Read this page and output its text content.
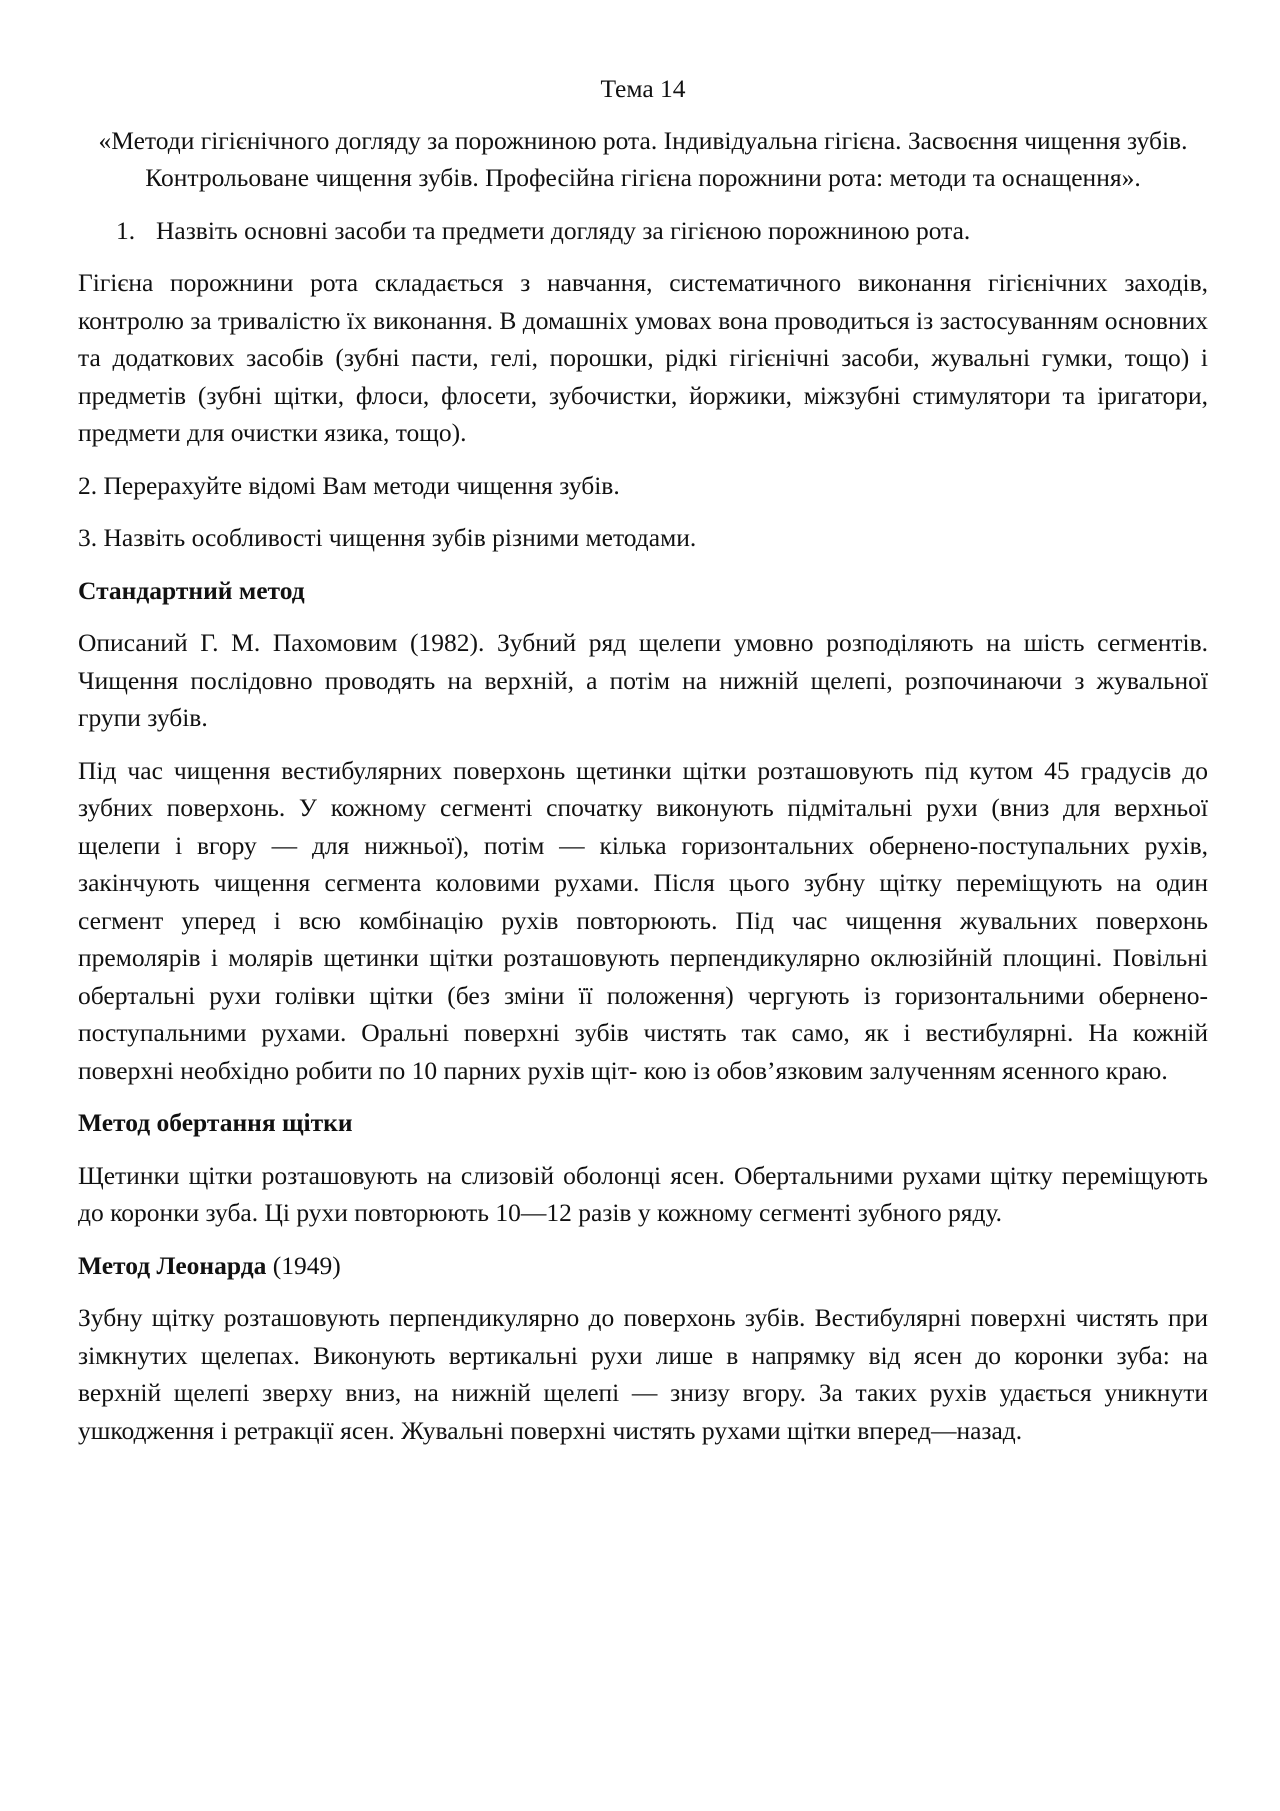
Тема 14

«Методи гігієнічного догляду за порожниною рота. Індивідуальна гігієна. Засвоєння чищення зубів. Контрольоване чищення зубів. Професійна гігієна порожнини рота: методи та оснащення».

1. Назвіть основні засоби та предмети догляду за гігієною порожниною рота.

Гігієна порожнини рота складається з навчання, систематичного виконання гігієнічних заходів, контролю за тривалістю їх виконання. В домашніх умовах вона проводиться із застосуванням основних та додаткових засобів (зубні пасти, гелі, порошки, рідкі гігієнічні засоби, жувальні гумки, тощо) і предметів (зубні щітки, флоси, флосети, зубочистки, йоржики, міжзубні стимулятори та іригатори, предмети для очистки язика, тощо).

2. Перерахуйте відомі Вам методи чищення зубів.

3. Назвіть особливості чищення зубів різними методами.

Стандартний метод

Описаний Г. М. Пахомовим (1982). Зубний ряд щелепи умовно розподіляють на шість сегментів. Чищення послідовно проводять на верхній, а потім на нижній щелепі, розпочинаючи з жувальної групи зубів.

Під час чищення вестибулярних поверхонь щетинки щітки розташовують під кутом 45 градусів до зубних поверхонь. У кожному сегменті спочатку виконують підмітальні рухи (вниз для верхньої щелепи і вгору — для нижньої), потім — кілька горизонтальних обернено-поступальних рухів, закінчують чищення сегмента коловими рухами. Після цього зубну щітку переміщують на один сегмент уперед і всю комбінацію рухів повторюють. Під час чищення жувальних поверхонь премолярів і молярів щетинки щітки розташовують перпендикулярно оклюзійній площині. Повільні обертальні рухи голівки щітки (без зміни її положення) чергують із горизонтальними обернено-поступальними рухами. Оральні поверхні зубів чистять так само, як і вестибулярні. На кожній поверхні необхідно робити по 10 парних рухів щіт- кою із обов’язковим залученням ясенного краю.

Метод обертання щітки

Щетинки щітки розташовують на слизовій оболонці ясен. Обертальними рухами щітку переміщують до коронки зуба. Ці рухи повторюють 10—12 разів у кожному сегменті зубного ряду.

Метод Леонарда (1949)

Зубну щітку розташовують перпендикулярно до поверхонь зубів. Вестибулярні поверхні чистять при зімкнутих щелепах. Виконують вертикальні рухи лише в напрямку від ясен до коронки зуба: на верхній щелепі зверху вниз, на нижній щелепі — знизу вгору. За таких рухів удається уникнути ушкодження і ретракції ясен. Жувальні поверхні чистять рухами щітки вперед—назад.
